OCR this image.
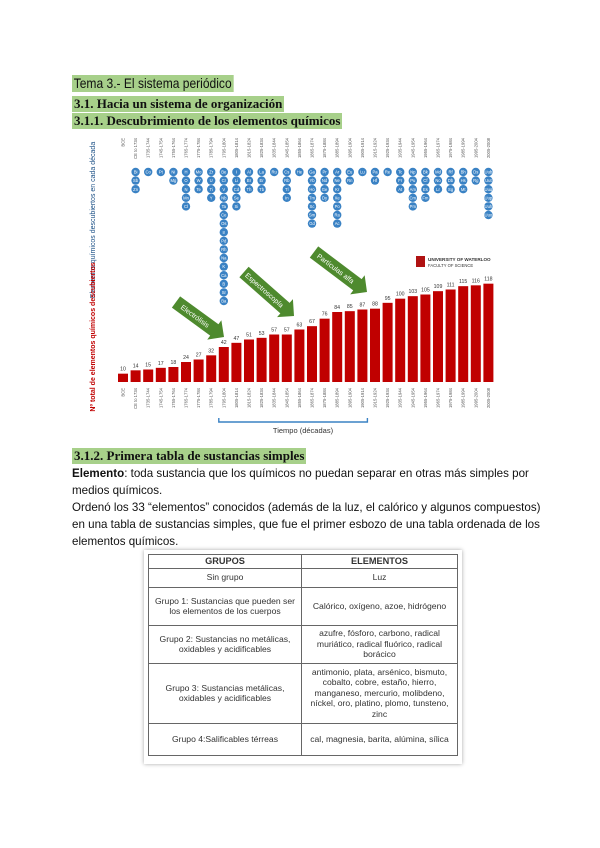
Tema 3.- El sistema periódico
3.1. Hacia un sistema de organización
3.1.1. Descubrimiento de los elementos químicos
BCE CE to 1734 1735-1744 1745-1754 1755-1764 1765-1774 1775-1784 1785-1794 1795-1804 1805-1814 1815-1824 1825-1834 1835-1844 1845-1854 1855-1864 1865-1874 1875-1884 1885-1894 1895-1904 1905-1914 1915-1924 1925-1934 1935-1944 1945-1954 1955-1964 1965-1974 1975-1984 1985-1994 1995-2004 2005-2008
Bi
Sb
Zn
Co Pt Ni
Mg
H
O
N
Mn
Cl
Mo
W
Te
Zr
U
Ti
Y
Be
Cr
V
Nb
Ta
Ce
Os
Ir
Pd
Rh
Na
K
Ca
B
Sr
Ba
I
Li
Cd
Se
Si
Al
Br
Th
La
Er
Tb
Ru Cs
Rb
Tl
In
He Ga
Yb
Ho
Tm
Sc
Sm
Gd
Pr
Nd
Ge
Dy
Ar
Ne
Kr
Xe
Po
Ra
Ac
Eu
Rn
Lu Pa
Hf
Re Tc
Fr
At
Np
Pu
Am
Cm
Pm
Bk
Cf
Es
Fm
Md
No
Lr
Rf
Db
Sg
Bh
Hs
Mt
Ds
Rg
Uub
Uut
Uuq
Uup
Uuh
Uuo
Elementos químicos descubiertos en cada década	UNIVERSITY OF WATERLOO
FACULTY OF SCIENCE
10
14 15 17 18
24 27
32
42
47
51 53
57 57
63
67
76
84 85 87 88
95
100 103 105
109 111
115 116 118
BCE CE to 1734 1735-1744 1745-1754 1755-1764 1765-1774 1775-1784 1785-1794 1795-1804 1805-1814 1815-1824 1825-1834 1835-1844 1845-1854 1855-1864 1865-1874 1875-1884 1885-1894 1895-1904 1905-1914 1915-1924 1925-1934 1935-1944 1945-1954 1955-1964 1965-1974 1975-1984 1985-1994 1995-2004 2005-2008
Nº total de elementos químicos descubiertos
Tiempo (décadas)
Electrólisis
Espectroscopía
Partículas alfa
3.1.2. Primera tabla de sustancias simples
Elemento: toda sustancia que los químicos no puedan separar en otras más simples por medios químicos.
Ordenó los 33 “elementos” conocidos (además de la luz, el calórico y algunos compuestos) en una tabla de sustancias simples, que fue el primer esbozo de una tabla ordenada de los elementos químicos.
GRUPOS	ELEMENTOS
Sin grupo	Luz
Grupo 1: Sustancias que pueden ser los elementos de los cuerpos	Calórico, oxígeno, azoe, hidrógeno
Grupo 2: Sustancias no metálicas, oxidables y acidificables	azufre, fósforo, carbono, radical muriático, radical fluórico, radical borácico
Grupo 3: Sustancias metálicas, oxidables y acidificables	antimonio, plata, arsénico, bismuto, cobalto, cobre, estaño, hierro, manganeso, mercurio, molibdeno, níckel, oro, platino, plomo, tunsteno, zinc
Grupo 4:Salificables térreas	cal, magnesia, barita, alúmina, sílica
